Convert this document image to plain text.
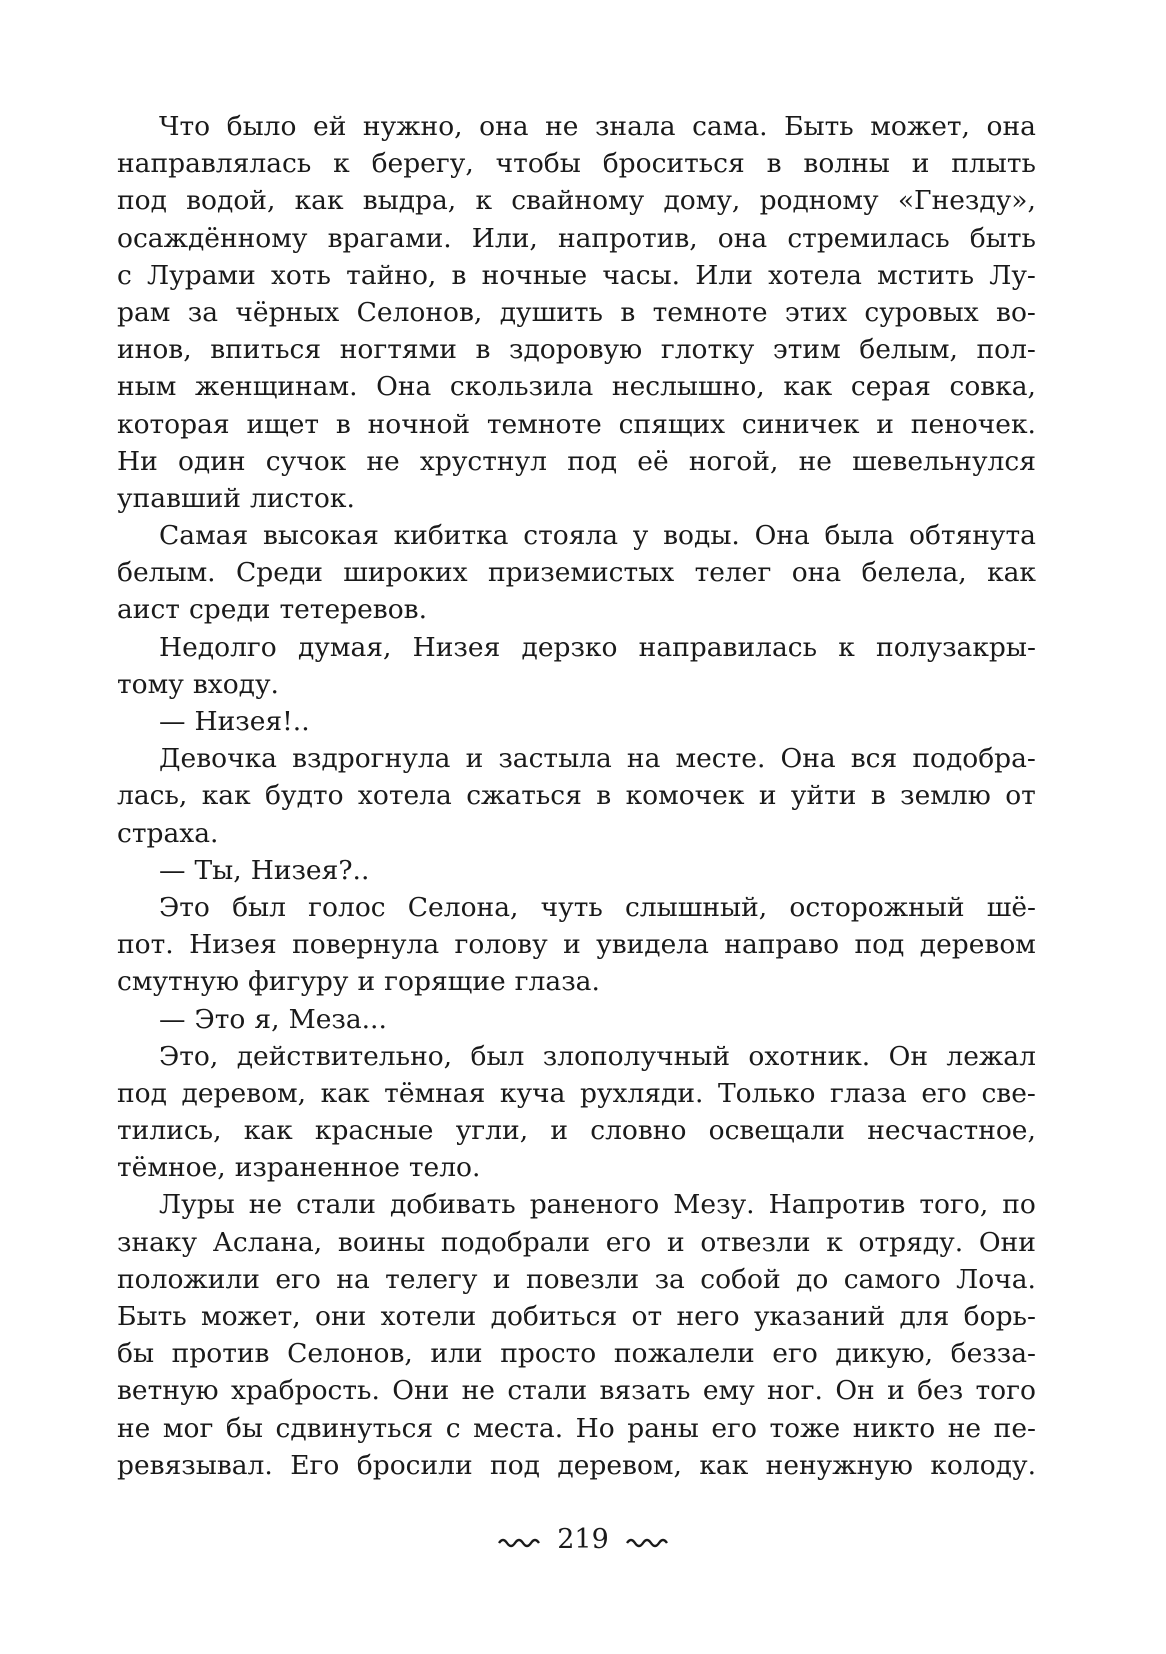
Что было ей нужно, она не знала сама. Быть может, она
направлялась к берегу, чтобы броситься в волны и плыть
под водой, как выдра, к свайному дому, родному «Гнезду»,
осаждённому врагами. Или, напротив, она стремилась быть
с Лурами хоть тайно, в ночные часы. Или хотела мстить Лу-
рам за чёрных Селонов, душить в темноте этих суровых во-
инов, впиться ногтями в здоровую глотку этим белым, пол-
ным женщинам. Она скользила неслышно, как серая совка,
которая ищет в ночной темноте спящих синичек и пеночек.
Ни один сучок не хрустнул под её ногой, не шевельнулся
упавший листок.
Самая высокая кибитка стояла у воды. Она была обтянута
белым. Среди широких приземистых телег она белела, как
аист среди тетеревов.
Недолго думая, Низея дерзко направилась к полузакры-
тому входу.
— Низея!..
Девочка вздрогнула и застыла на месте. Она вся подобра-
лась, как будто хотела сжаться в комочек и уйти в землю от
страха.
— Ты, Низея?..
Это был голос Селона, чуть слышный, осторожный шё-
пот. Низея повернула голову и увидела направо под деревом
смутную фигуру и горящие глаза.
— Это я, Меза...
Это, действительно, был злополучный охотник. Он лежал
под деревом, как тёмная куча рухляди. Только глаза его све-
тились, как красные угли, и словно освещали несчастное,
тёмное, израненное тело.
Луры не стали добивать раненого Мезу. Напротив того, по
знаку Аслана, воины подобрали его и отвезли к отряду. Они
положили его на телегу и повезли за собой до самого Лоча.
Быть может, они хотели добиться от него указаний для борь-
бы против Селонов, или просто пожалели его дикую, безза-
ветную храбрость. Они не стали вязать ему ног. Он и без того
не мог бы сдвинуться с места. Но раны его тоже никто не пе-
ревязывал. Его бросили под деревом, как ненужную колоду.
219
